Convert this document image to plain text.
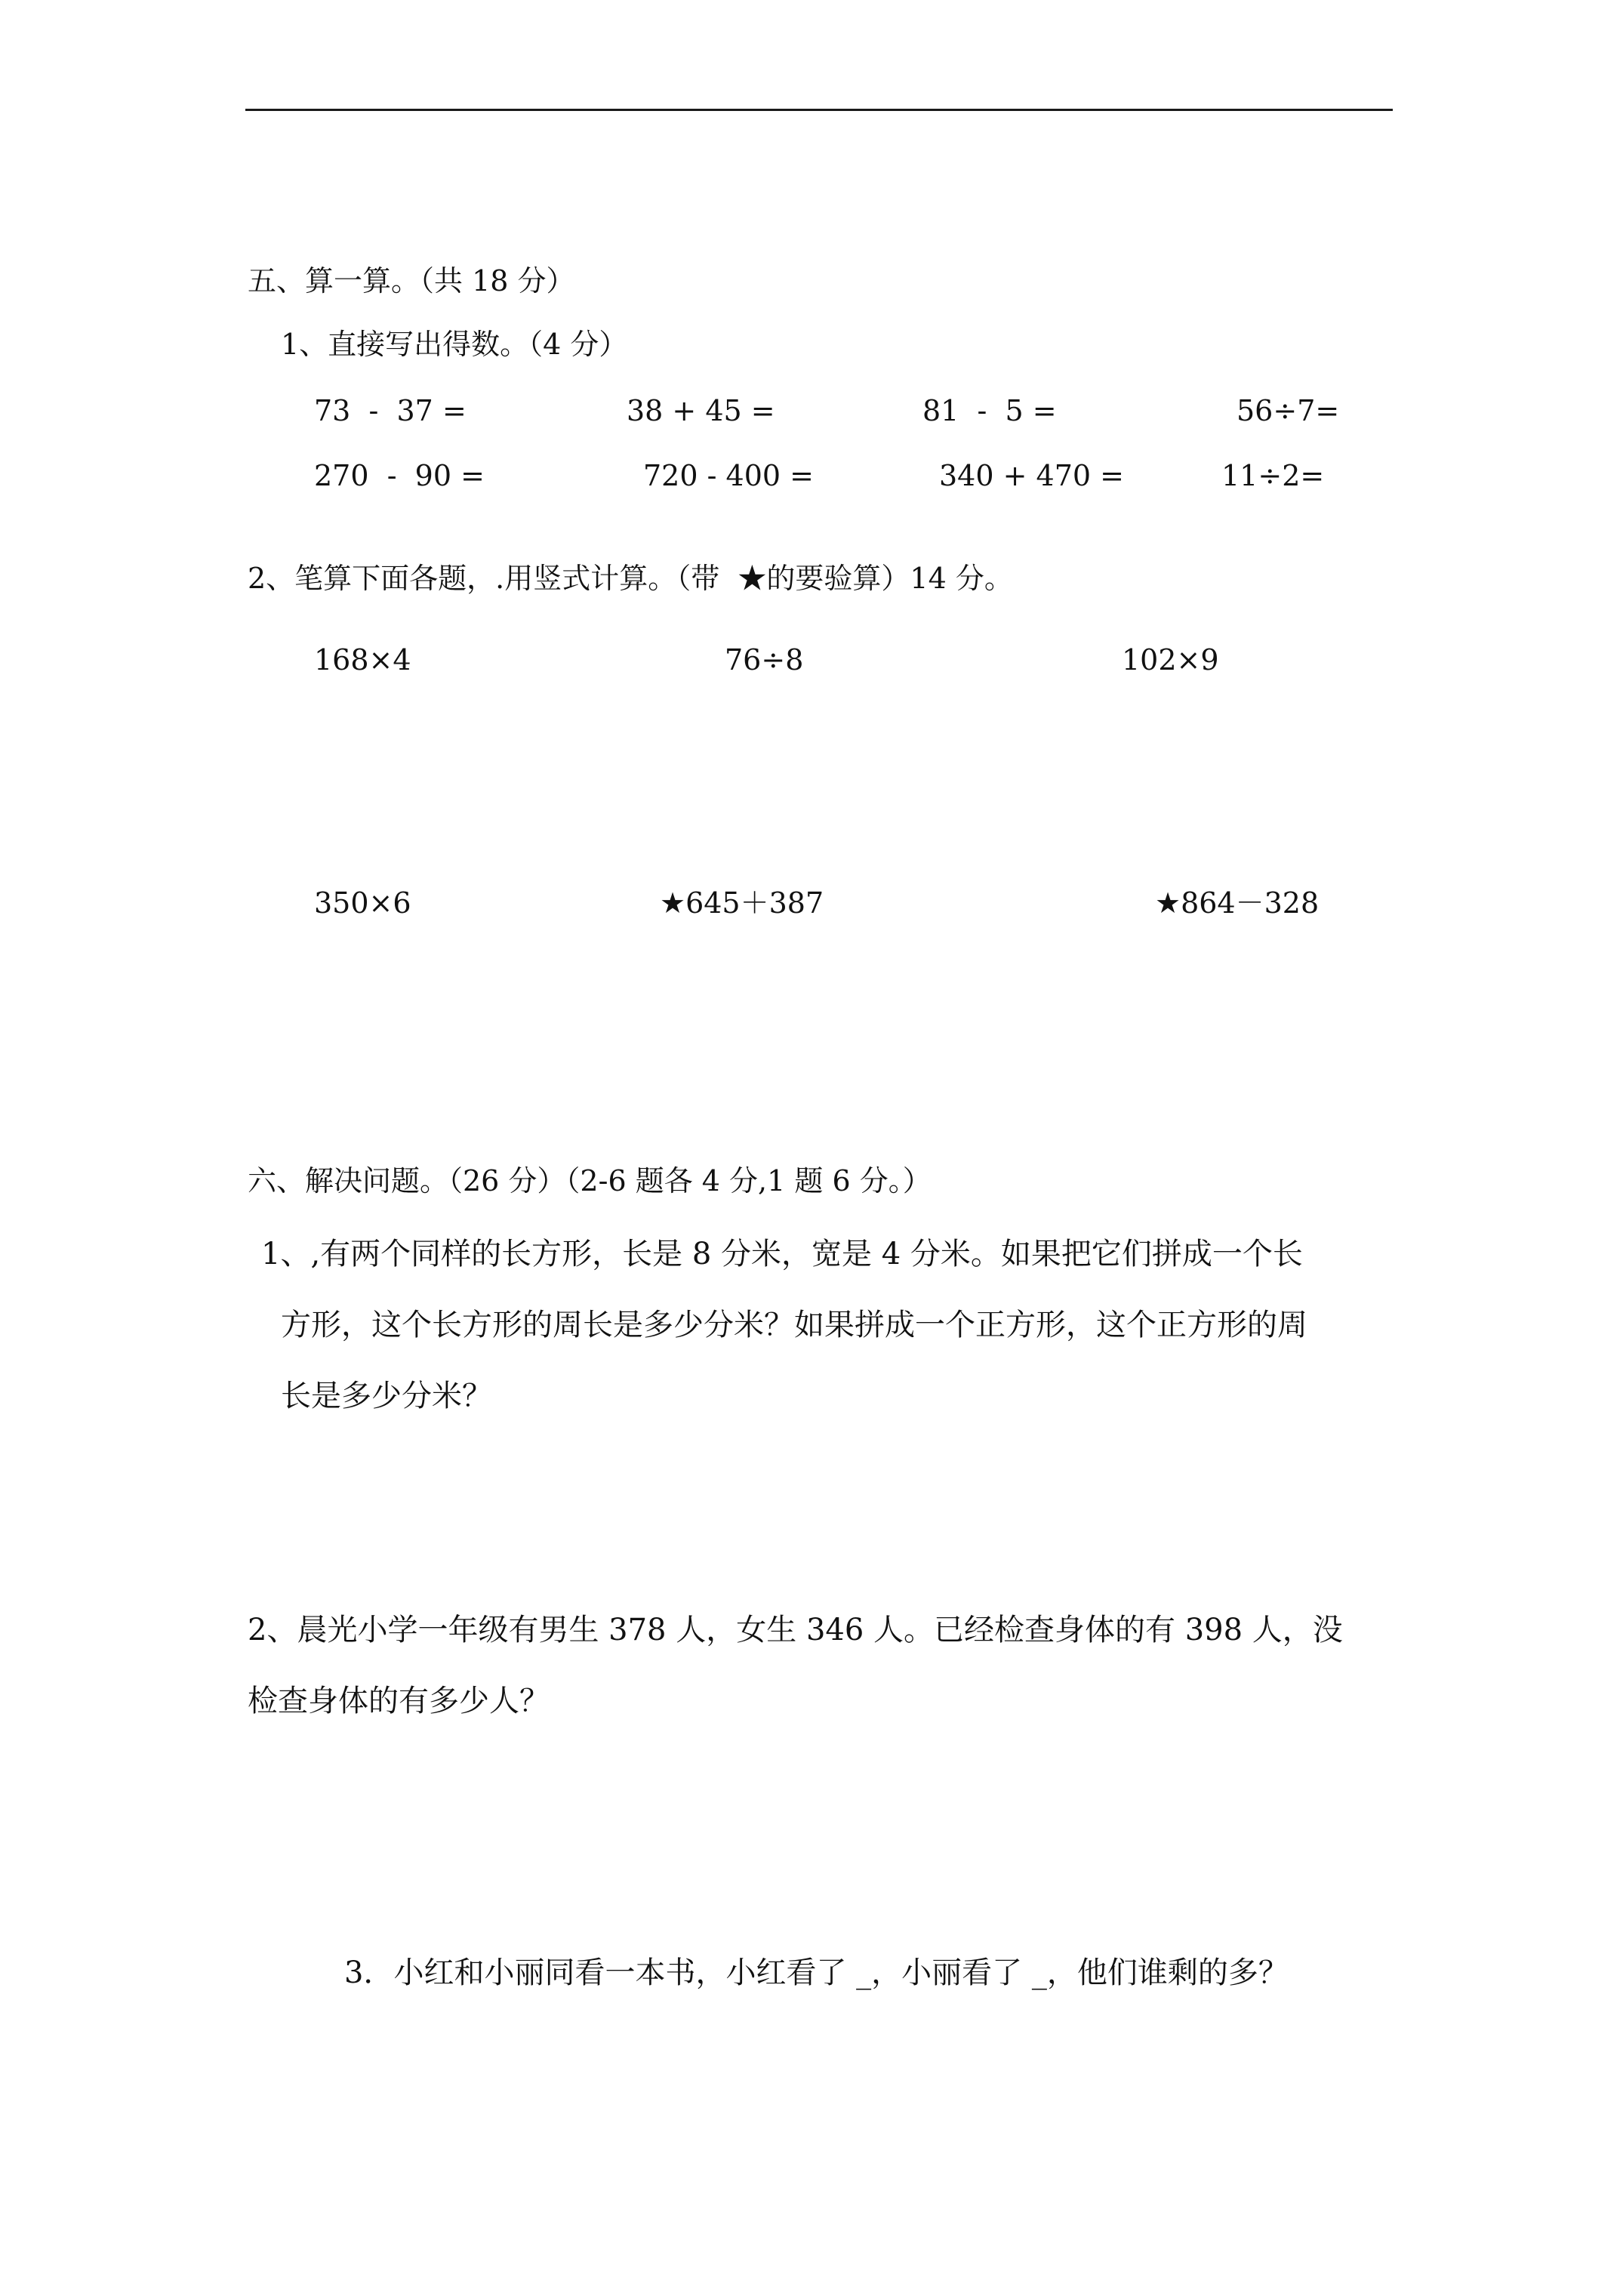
五、算一算。（共 18 分）
1、直接写出得数。（4 分）
73  -  37 =	38 + 45 =	81  -  5 =	56÷7=
270  -  90 =	720 - 400 =	340 + 470 =	11÷2=
2、笔算下面各题，.用竖式计算。（带  ★的要验算）14 分。
168×4	76÷8	102×9
350×6	★645＋387	★864－328
六、解决问题。（26 分）（2-6 题各 4 分,1 题 6 分。）
1、,有两个同样的长方形，长是 8 分米，宽是 4 分米。如果把它们拼成一个长
方形，这个长方形的周长是多少分米？如果拼成一个正方形，这个正方形的周
长是多少分米？
2、晨光小学一年级有男生 378 人，女生 346 人。已经检查身体的有 398 人，没
检查身体的有多少人？
3．小红和小丽同看一本书，小红看了 _，小丽看了 _，他们谁剩的多？
